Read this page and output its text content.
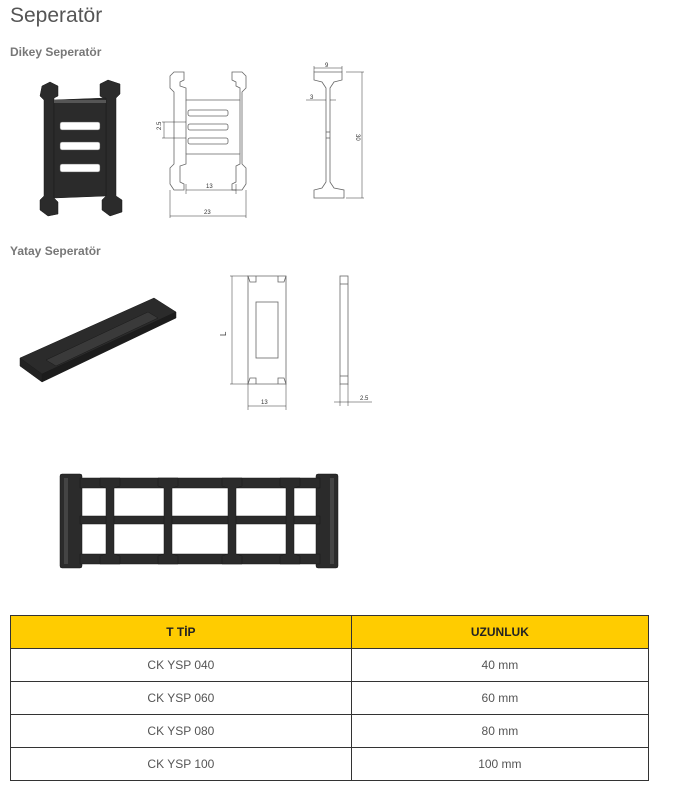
Seperatör
Dikey Seperatör
Yatay Seperatör
2.5
13
23
9
3
30
L
13
2.5
T TİP	UZUNLUK
CK YSP 040	40 mm
CK YSP 060	60 mm
CK YSP 080	80 mm
CK YSP 100	100 mm
